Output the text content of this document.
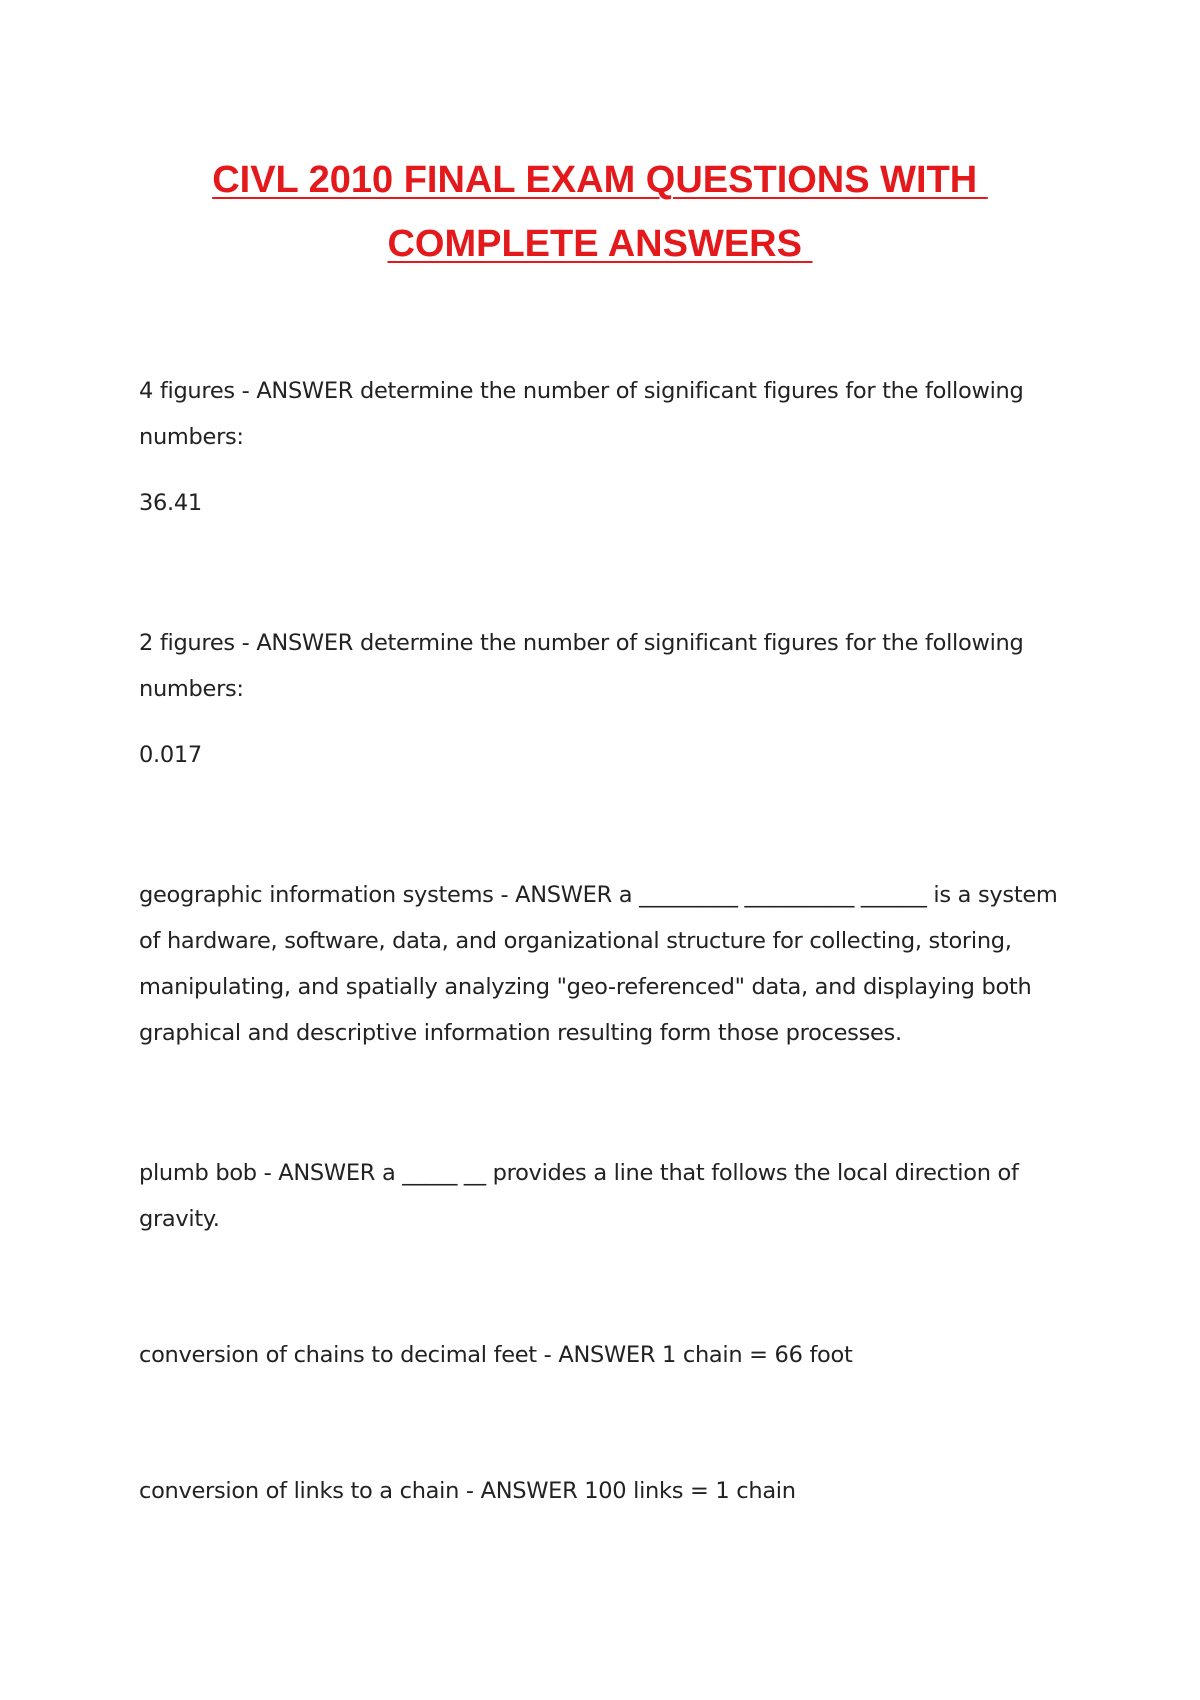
CIVL 2010 FINAL EXAM QUESTIONS WITH
COMPLETE ANSWERS

4 figures - ANSWER determine the number of significant figures for the following numbers:

36.41

2 figures - ANSWER determine the number of significant figures for the following numbers:

0.017

geographic information systems - ANSWER a _________ __________ ______ is a system of hardware, software, data, and organizational structure for collecting, storing, manipulating, and spatially analyzing "geo-referenced" data, and displaying both graphical and descriptive information resulting form those processes.

plumb bob - ANSWER a _____ __ provides a line that follows the local direction of gravity.

conversion of chains to decimal feet - ANSWER 1 chain = 66 foot

conversion of links to a chain - ANSWER 100 links = 1 chain
